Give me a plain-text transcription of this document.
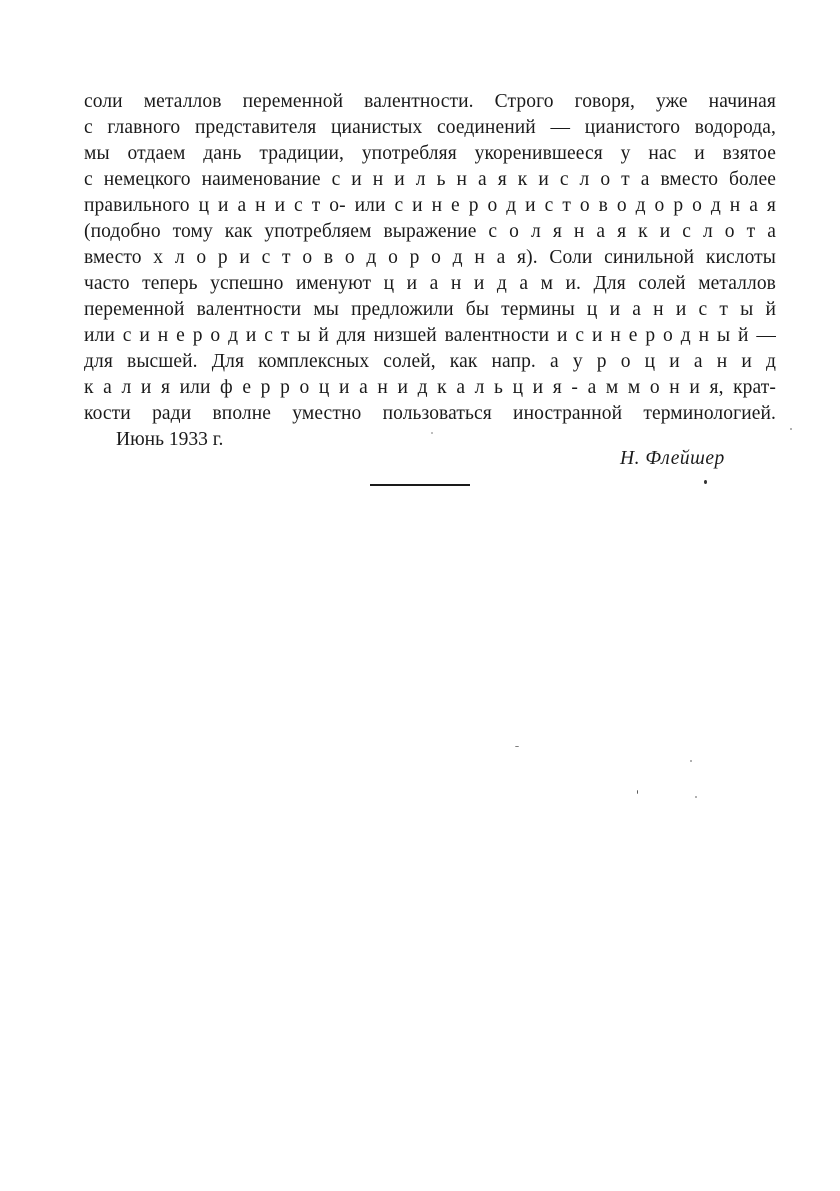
соли металлов переменной валентности. Строго говоря, уже начиная
с главного представителя цианистых соединений — цианистого водорода,
мы отдаем дань традиции, употребляя укоренившееся у нас и взятое
с немецкого наименование с и н и л ь н а я к и с л о т а вместо более
правильного ц и а н и с т о- или с и н е р о д и с т о в о д о р о д н а я
(подобно тому как употребляем выражение с о л я н а я к и с л о т а
вместо х л о р и с т о в о д о р о д н а я). Соли синильной кислоты
часто теперь успешно именуют ц и а н и д а м и. Для солей металлов
переменной валентности мы предложили бы термины ц и а н и с т ы й
или с и н е р о д и с т ы й для низшей валентности и с и н е р о д н ы й —
для высшей. Для комплексных солей, как напр. а у р о ц и а н и д
к а л и я или ф е р р о ц и а н и д к а л ь ц и я - а м м о н и я, крат-
кости ради вполне уместно пользоваться иностранной терминологией.
Июнь 1933 г.
Н. Флейшер
